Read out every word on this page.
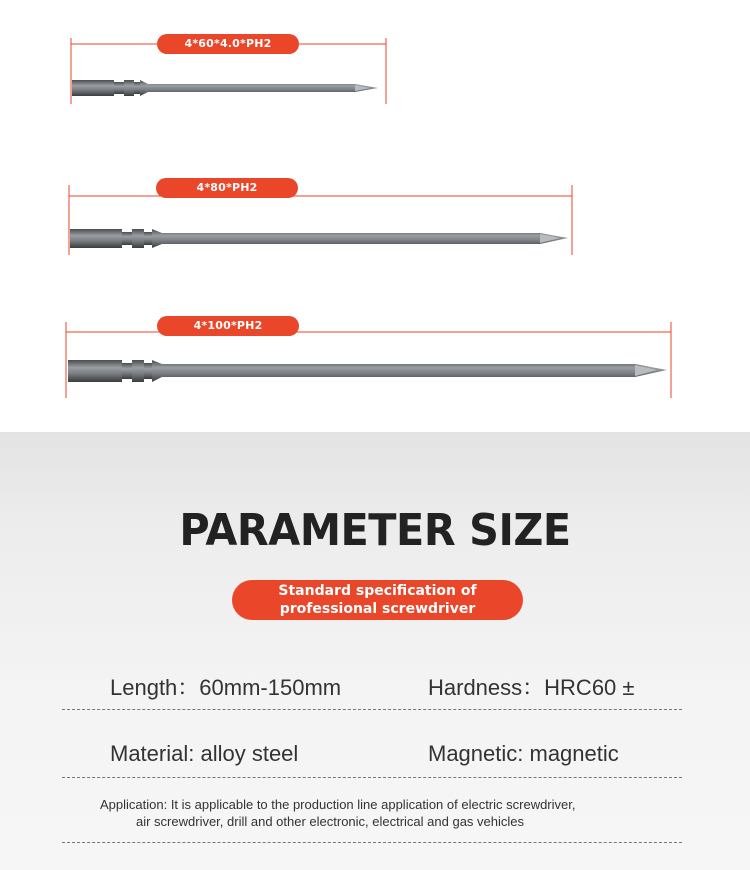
4*60*4.0*PH2
4*80*PH2
4*100*PH2
PARAMETER SIZE
Standard specification of
professional screwdriver
Length：60mm-150mm	Hardness：HRC60 ±
Material: alloy steel	Magnetic: magnetic
Application: It is applicable to the production line application of electric screwdriver,
air screwdriver, drill and other electronic, electrical and gas vehicles
